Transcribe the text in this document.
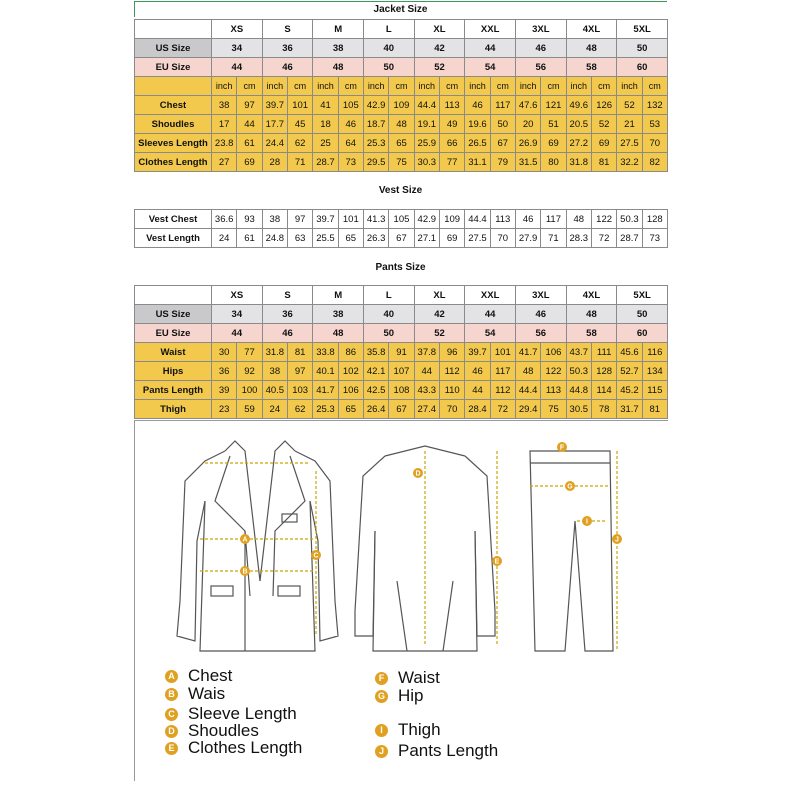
Jacket Size
	XS		S		M		L		XL		XXL		3XL		4XL		5XL	
US Size	34		36		38		40		42		44		46		48		50	
EU Size	44		46		48		50		52		54		56		58		60	
	inch	cm	inch	cm	inch	cm	inch	cm	inch	cm	inch	cm	inch	cm	inch	cm	inch	cm
Chest	38	97	39.7	101	41	105	42.9	109	44.4	113	46	117	47.6	121	49.6	126	52	132
Shoudles	17	44	17.7	45	18	46	18.7	48	19.1	49	19.6	50	20	51	20.5	52	21	53
Sleeves Length	23.8	61	24.4	62	25	64	25.3	65	25.9	66	26.5	67	26.9	69	27.2	69	27.5	70
Clothes Length	27	69	28	71	28.7	73	29.5	75	30.3	77	31.1	79	31.5	80	31.8	81	32.2	82
Vest Size
Vest Chest	36.6	93	38	97	39.7	101	41.3	105	42.9	109	44.4	113	46	117	48	122	50.3	128
Vest Length	24	61	24.8	63	25.5	65	26.3	67	27.1	69	27.5	70	27.9	71	28.3	72	28.7	73
Pants Size
	XS		S		M		L		XL		XXL		3XL		4XL		5XL	
US Size	34		36		38		40		42		44		46		48		50	
EU Size	44		46		48		50		52		54		56		58		60	
Waist	30	77	31.8	81	33.8	86	35.8	91	37.8	96	39.7	101	41.7	106	43.7	111	45.6	116
Hips	36	92	38	97	40.1	102	42.1	107	44	112	46	117	48	122	50.3	128	52.7	134
Pants Length	39	100	40.5	103	41.7	106	42.5	108	43.3	110	44	112	44.4	113	44.8	114	45.2	115
Thigh	23	59	24	62	25.3	65	26.4	67	27.4	70	28.4	72	29.4	75	30.5	78	31.7	81
A
B
C
D
E
F
G
I
J
A Chest
B Wais
C Sleeve Length
D Shoudles
E Clothes Length
F Waist
G Hip
I Thigh
J Pants Length
